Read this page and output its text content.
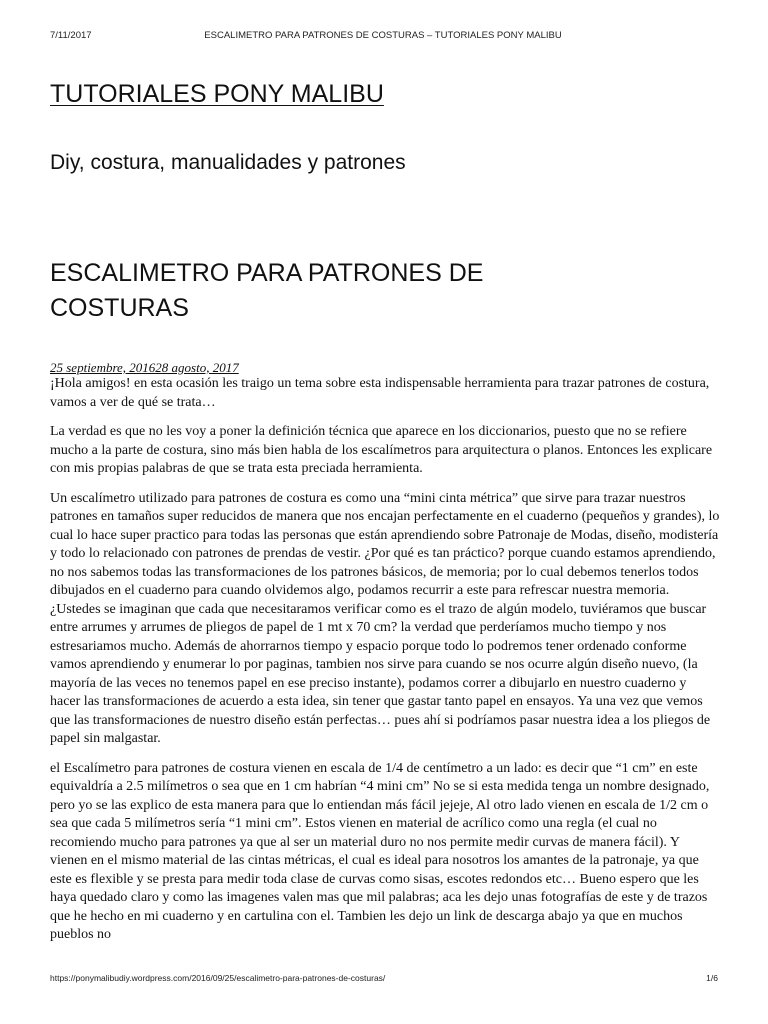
7/11/2017	ESCALIMETRO PARA PATRONES DE COSTURAS – TUTORIALES PONY MALIBU
TUTORIALES PONY MALIBU

Diy, costura, manualidades y patrones

ESCALIMETRO PARA PATRONES DE COSTURAS
25 septiembre, 201628 agosto, 2017

¡Hola amigos! en esta ocasión les traigo un tema sobre esta indispensable herramienta para trazar patrones de costura, vamos a ver de qué se trata…

La verdad es que no les voy a poner la definición técnica que aparece en los diccionarios, puesto que no se refiere mucho a la parte de costura, sino más bien habla de los escalímetros para arquitectura o planos. Entonces les explicare con mis propias palabras de que se trata esta preciada herramienta.

Un escalímetro utilizado para patrones de costura es como una “mini cinta métrica” que sirve para trazar nuestros patrones en tamaños super reducidos de manera que nos encajan perfectamente en el cuaderno (pequeños y grandes), lo cual lo hace super practico para todas las personas que están aprendiendo sobre Patronaje de Modas, diseño, modistería y todo lo relacionado con patrones de prendas de vestir. ¿Por qué es tan práctico? porque cuando estamos aprendiendo, no nos sabemos todas las transformaciones de los patrones básicos, de memoria; por lo cual debemos tenerlos todos dibujados en el cuaderno para cuando olvidemos algo, podamos recurrir a este para refrescar nuestra memoria. ¿Ustedes se imaginan que cada que necesitaramos verificar como es el trazo de algún modelo, tuviéramos que buscar entre arrumes y arrumes de pliegos de papel de 1 mt x 70 cm? la verdad que perderíamos mucho tiempo y nos estresariamos mucho. Además de ahorrarnos tiempo y espacio porque todo lo podremos tener ordenado conforme vamos aprendiendo y enumerar lo por paginas, tambien nos sirve para cuando se nos ocurre algún diseño nuevo, (la mayoría de las veces no tenemos papel en ese preciso instante), podamos correr a dibujarlo en nuestro cuaderno y hacer las transformaciones de acuerdo a esta idea, sin tener que gastar tanto papel en ensayos. Ya una vez que vemos que las transformaciones de nuestro diseño están perfectas… pues ahí si podríamos pasar nuestra idea a los pliegos de papel sin malgastar.

el Escalímetro para patrones de costura vienen en escala de 1/4 de centímetro a un lado: es decir que “1 cm” en este equivaldría a 2.5 milímetros o sea que en 1 cm habrían “4 mini cm” No se si esta medida tenga un nombre designado, pero yo se las explico de esta manera para que lo entiendan más fácil jejeje, Al otro lado vienen en escala de 1/2 cm o sea que cada 5 milímetros sería “1 mini cm”. Estos vienen en material de acrílico como una regla (el cual no recomiendo mucho para patrones ya que al ser un material duro no nos permite medir curvas de manera fácil). Y vienen en el mismo material de las cintas métricas, el cual es ideal para nosotros los amantes de la patronaje, ya que este es flexible y se presta para medir toda clase de curvas como sisas, escotes redondos etc… Bueno espero que les haya quedado claro y como las imagenes valen mas que mil palabras; aca les dejo unas fotografías de este y de trazos que he hecho en mi cuaderno y en cartulina con el. Tambien les dejo un link de descarga abajo ya que en muchos pueblos no

https://ponymalibudiy.wordpress.com/2016/09/25/escalimetro-para-patrones-de-costuras/	1/6
